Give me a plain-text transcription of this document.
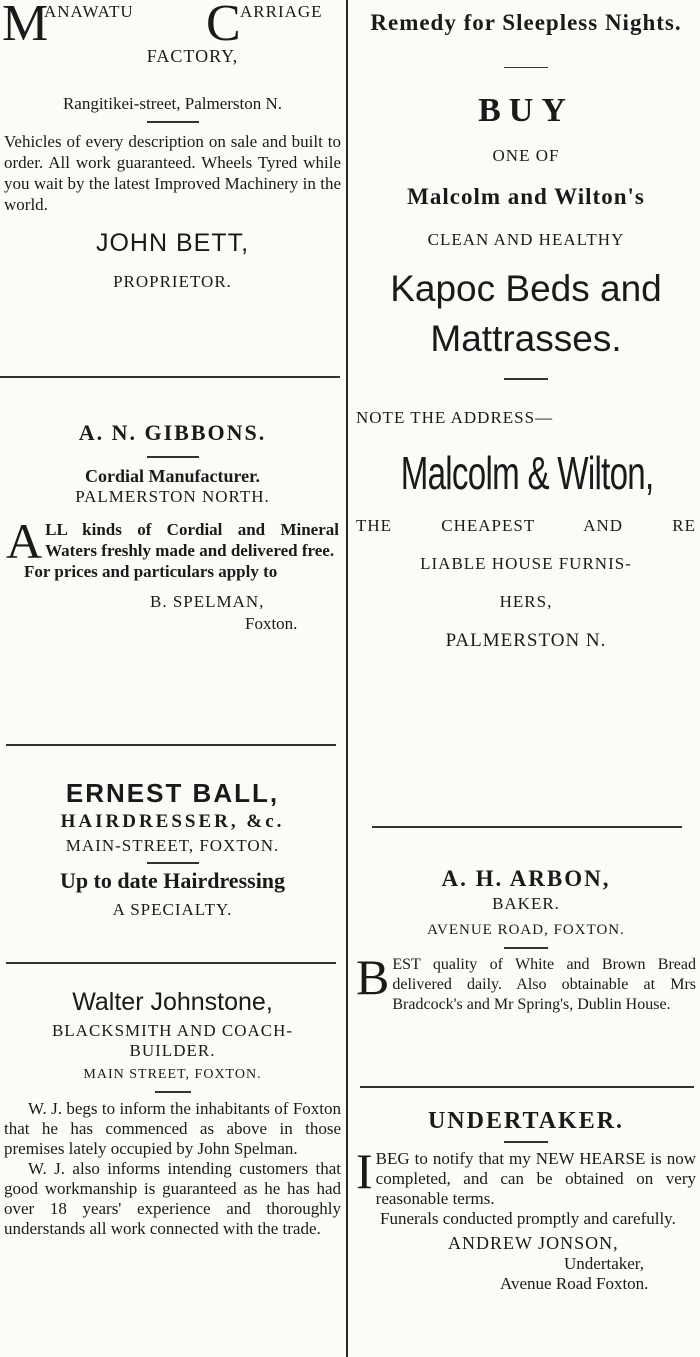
M
ANAWATU C ARRIAGE
FACTORY,
Rangitikei-street, Palmerston N.

Vehicles of every description on sale and built to order. All work guaranteed. Wheels Tyred while you wait by the latest Improved Machinery in the world.

JOHN BETT,
PROPRIETOR.
A. N. GIBBONS.
Cordial Manufacturer.
PALMERSTON NORTH.
A LL kinds of Cordial and Mineral Waters freshly made and delivered free.

For prices and particulars apply to

B. SPELMAN,
Foxton.
ERNEST BALL,
HAIRDRESSER, &c.
MAIN-STREET, FOXTON.
Up to date Hairdressing
A SPECIALTY.
Walter Johnstone,
BLACKSMITH AND COACH-
BUILDER.
MAIN STREET, FOXTON.

W. J. begs to inform the inhabitants of Foxton that he has commenced as above in those premises lately occupied by John Spelman.

W. J. also informs intending customers that good workmanship is guaranteed as he has had over 18 years' experience and thoroughly understands all work connected with the trade.

Remedy for Sleepless Nights.
BUY
ONE OF
Malcolm and Wilton's
CLEAN AND HEALTHY
Kapoc Beds and
Mattrasses.
NOTE THE ADDRESS—
Malcolm & Wilton,
THE CHEAPEST AND RE
LIABLE HOUSE FURNIS-
HERS,
PALMERSTON N.
A. H. ARBON,
BAKER.
AVENUE ROAD, FOXTON.
B EST quality of White and Brown Bread delivered daily. Also obtainable at Mrs Bradcock's and Mr Spring's, Dublin House.
UNDERTAKER.
I BEG to notify that my NEW HEARSE is now completed, and can be obtained on very reasonable terms.

Funerals conducted promptly and carefully.

ANDREW JONSON,
Undertaker,
Avenue Road Foxton.
